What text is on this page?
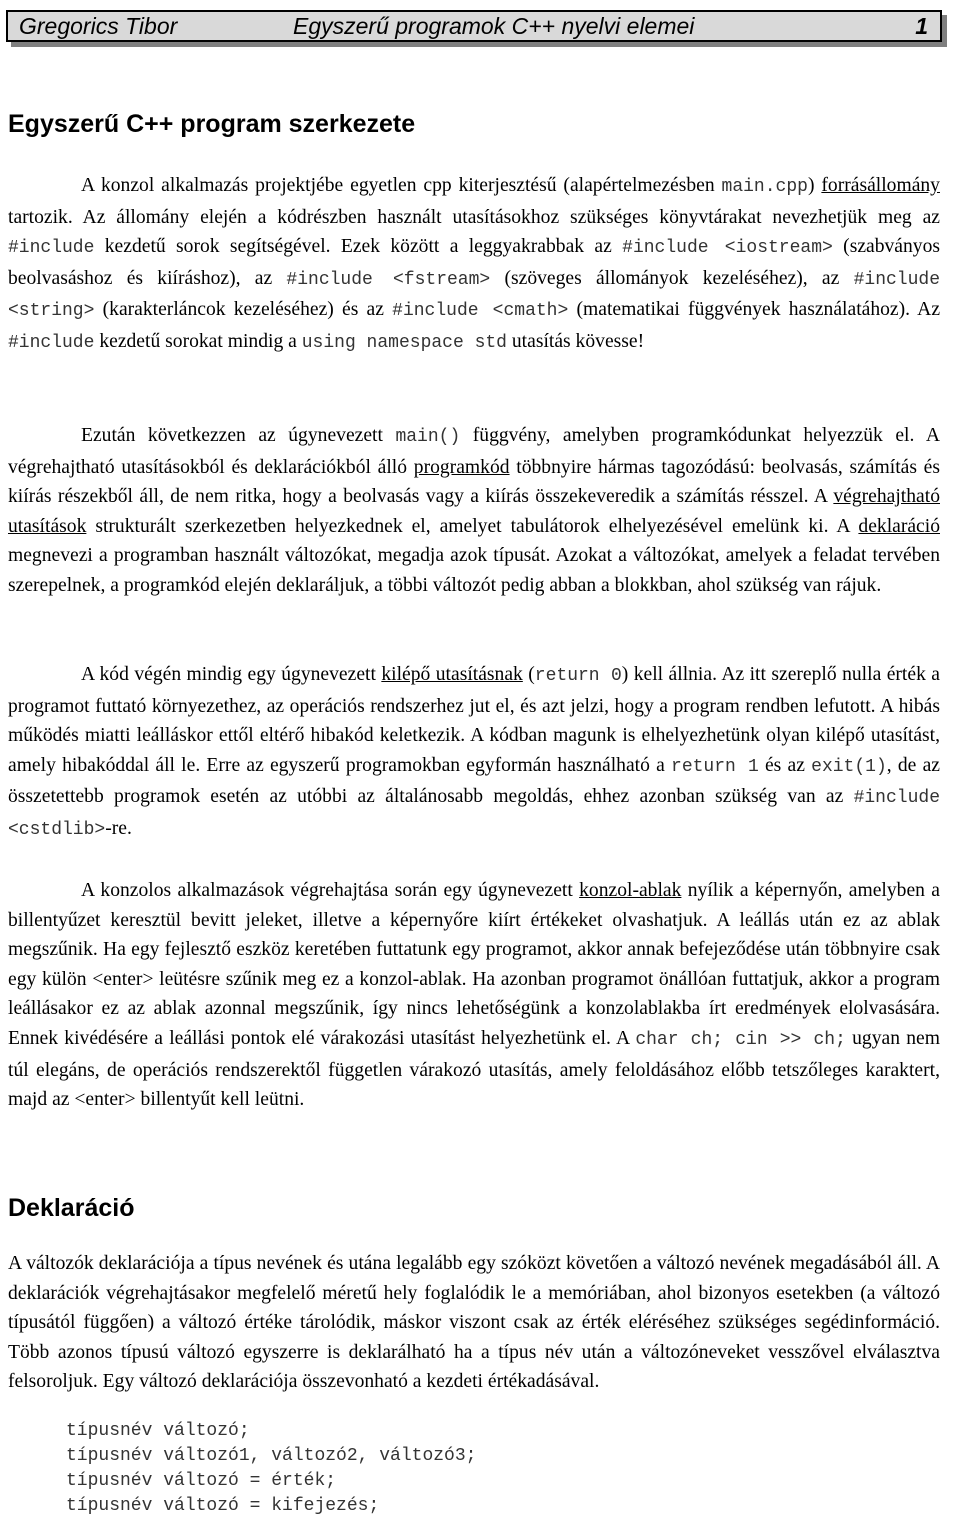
Gregorics Tibor	Egyszerű programok C++ nyelvi elemei	1
Egyszerű C++ program szerkezete

A konzol alkalmazás projektjébe egyetlen cpp kiterjesztésű (alapértelmezésben main.cpp) forrásállomány tartozik. Az állomány elején a kódrészben használt utasításokhoz szükséges könyvtárakat nevezhetjük meg az #include kezdetű sorok segítségével. Ezek között a leggyakrabbak az #include <iostream> (szabványos beolvasáshoz és kiíráshoz), az #include <fstream> (szöveges állományok kezeléséhez), az #include <string> (karakterláncok kezeléséhez) és az #include <cmath> (matematikai függvények használatához). Az #include kezdetű sorokat mindig a using namespace std utasítás kövesse!

Ezután következzen az úgynevezett main() függvény, amelyben programkódunkat helyezzük el. A végrehajtható utasításokból és deklarációkból álló programkód többnyire hármas tagozódású: beolvasás, számítás és kiírás részekből áll, de nem ritka, hogy a beolvasás vagy a kiírás összekeveredik a számítás résszel. A végrehajtható utasítások strukturált szerkezetben helyezkednek el, amelyet tabulátorok elhelyezésével emelünk ki. A deklaráció megnevezi a programban használt változókat, megadja azok típusát. Azokat a változókat, amelyek a feladat tervében szerepelnek, a programkód elején deklaráljuk, a többi változót pedig abban a blokkban, ahol szükség van rájuk.

A kód végén mindig egy úgynevezett kilépő utasításnak (return 0) kell állnia. Az itt szereplő nulla érték a programot futtató környezethez, az operációs rendszerhez jut el, és azt jelzi, hogy a program rendben lefutott. A hibás működés miatti leálláskor ettől eltérő hibakód keletkezik. A kódban magunk is elhelyezhetünk olyan kilépő utasítást, amely hibakóddal áll le. Erre az egyszerű programokban egyformán használható a return 1 és az exit(1), de az összetettebb programok esetén az utóbbi az általánosabb megoldás, ehhez azonban szükség van az #include <cstdlib>-re.

A konzolos alkalmazások végrehajtása során egy úgynevezett konzol-ablak nyílik a képernyőn, amelyben a billentyűzet keresztül bevitt jeleket, illetve a képernyőre kiírt értékeket olvashatjuk. A leállás után ez az ablak megszűnik. Ha egy fejlesztő eszköz keretében futtatunk egy programot, akkor annak befejeződése után többnyire csak egy külön <enter> leütésre szűnik meg ez a konzol-ablak. Ha azonban programot önállóan futtatjuk, akkor a program leállásakor ez az ablak azonnal megszűnik, így nincs lehetőségünk a konzolablakba írt eredmények elolvasására. Ennek kivédésére a leállási pontok elé várakozási utasítást helyezhetünk el. A char ch; cin >> ch; ugyan nem túl elegáns, de operációs rendszerektől független várakozó utasítás, amely feloldásához előbb tetszőleges karaktert, majd az <enter> billentyűt kell leütni.

Deklaráció

A változók deklarációja a típus nevének és utána legalább egy szóközt követően a változó nevének megadásából áll. A deklarációk végrehajtásakor megfelelő méretű hely foglalódik le a memóriában, ahol bizonyos esetekben (a változó típusától függően) a változó értéke tárolódik, máskor viszont csak az érték eléréséhez szükséges segédinformáció. Több azonos típusú változó egyszerre is deklarálható ha a típus név után a változóneveket vesszővel elválasztva felsoroljuk. Egy változó deklarációja összevonható a kezdeti értékadásával.

típusnév változó;
típusnév változó1, változó2, változó3;
típusnév változó = érték;
típusnév változó = kifejezés;
